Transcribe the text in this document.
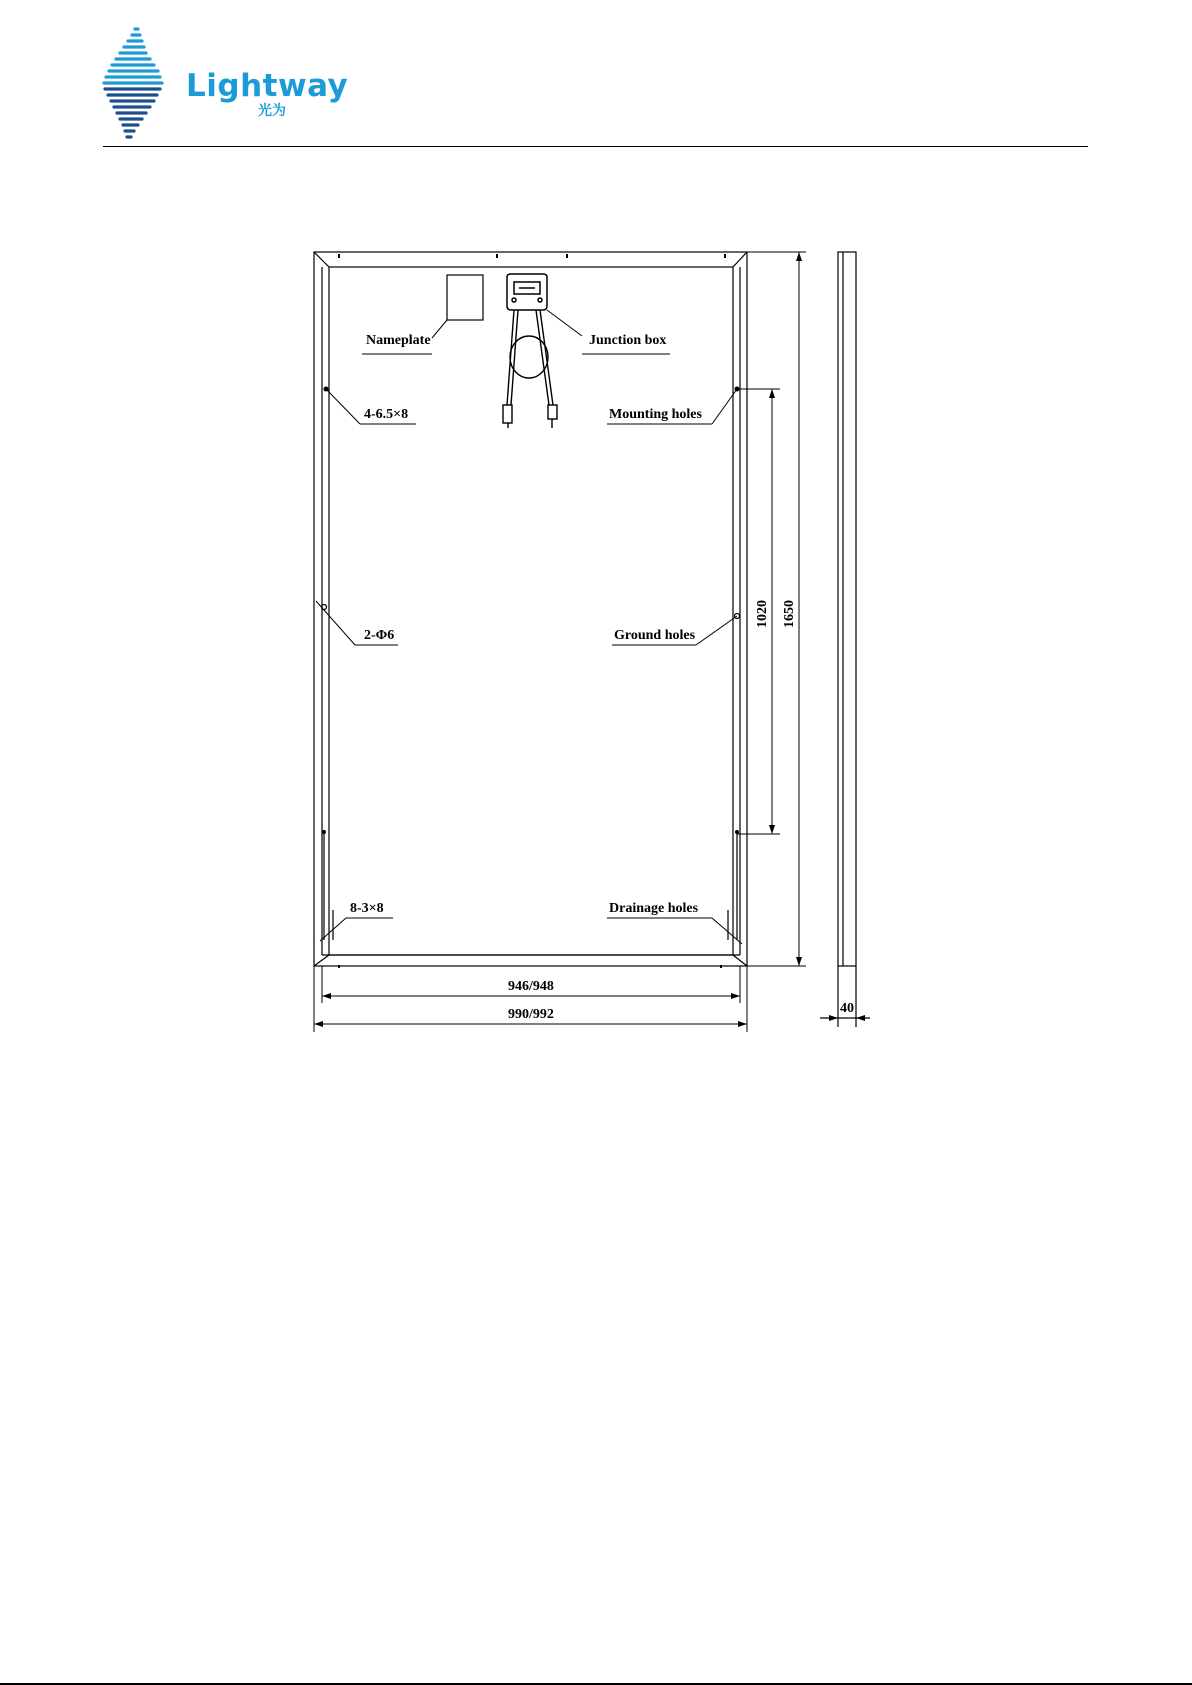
Lightway
光为
Nameplate	Junction box
4-6.5×8	Mounting holes
2-Φ6	Ground holes
8-3×8	Drainage holes
946/948
990/992
1020 1650
40
